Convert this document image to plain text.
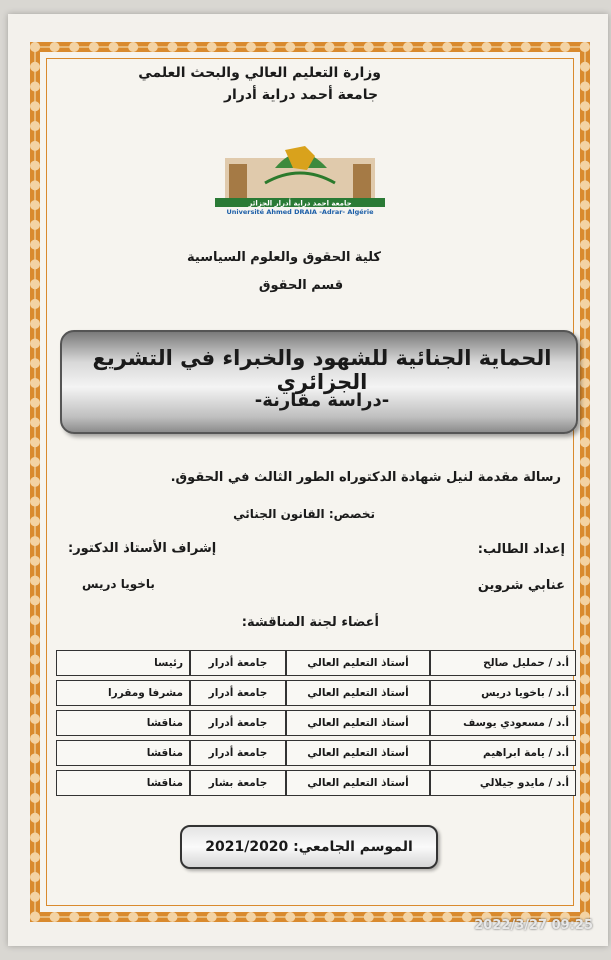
وزارة التعليم العالي والبحث العلمي
جامعة أحمد دراية أدرار
جامعة احمد دراية أدرار الجزائر
Université Ahmed DRAIA -Adrar- Algérie
كلية الحقوق والعلوم السياسية
قسم الحقوق
الحماية الجنائية للشهود والخبراء في التشريع الجزائري
-دراسة مقارنة-
رسالة مقدمة لنيل شهادة الدكتوراه الطور الثالث في الحقوق.
تخصص: القانون الجنائي
إعداد الطالب:
عنابي شروين
إشراف الأستاذ الدكتور:
باخويا دريس
أعضاء لجنة المناقشة:
أ.د / حمليل صالح	أستاذ التعليم العالي	جامعة أدرار	رئيسا
أ.د / باخويا دريس	أستاذ التعليم العالي	جامعة أدرار	مشرفا ومقررا
أ.د / مسعودي يوسف	أستاذ التعليم العالي	جامعة أدرار	مناقشا
أ.د / يامة ابراهيم	أستاذ التعليم العالي	جامعة أدرار	مناقشا
أ.د / مايدو جيلالي	أستاذ التعليم العالي	جامعة بشار	مناقشا
الموسم الجامعي: 2021/2020
2022/3/27 09:25
